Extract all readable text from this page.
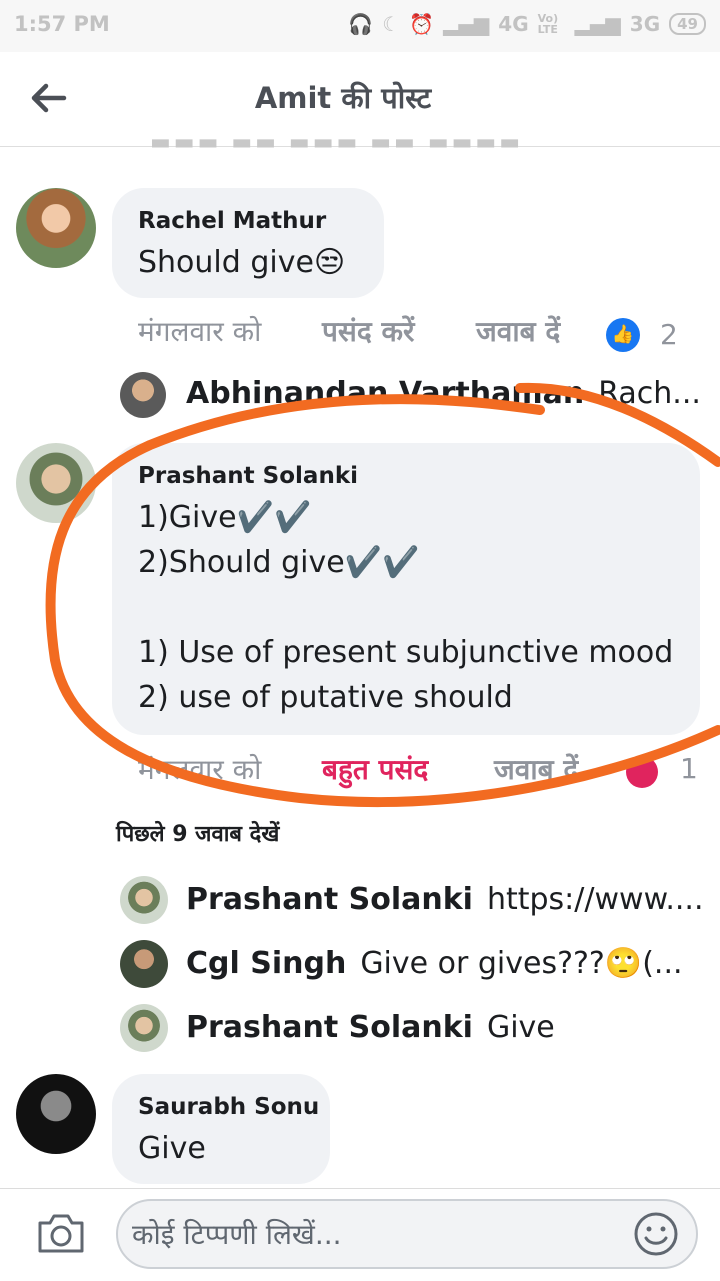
1:57 PM	🎧 ☾ ⏰ ▂▄▆ 4G Vo) LTE ▂▄▆ 3G	49
Amit की पोस्ट
▬▬▬ ▬▬ ▬▬▬ ▬▬ ▬▬▬▬
Rachel Mathur
Should give😒
मंगलवार को पसंद करें जवाब दें	👍 2
Abhinandan Varthaman Rach...
Prashant Solanki
1)Give✔️✔️
2)Should give✔️✔️
1) Use of present subjunctive mood
2) use of putative should
मंगलवार को बहुत पसंद जवाब दें	1
पिछले 9 जवाब देखें
Prashant Solanki https://www....
Cgl Singh Give or gives???🙄(...
Prashant Solanki Give
Saurabh Sonu
Give
कोई टिप्पणी लिखें...
